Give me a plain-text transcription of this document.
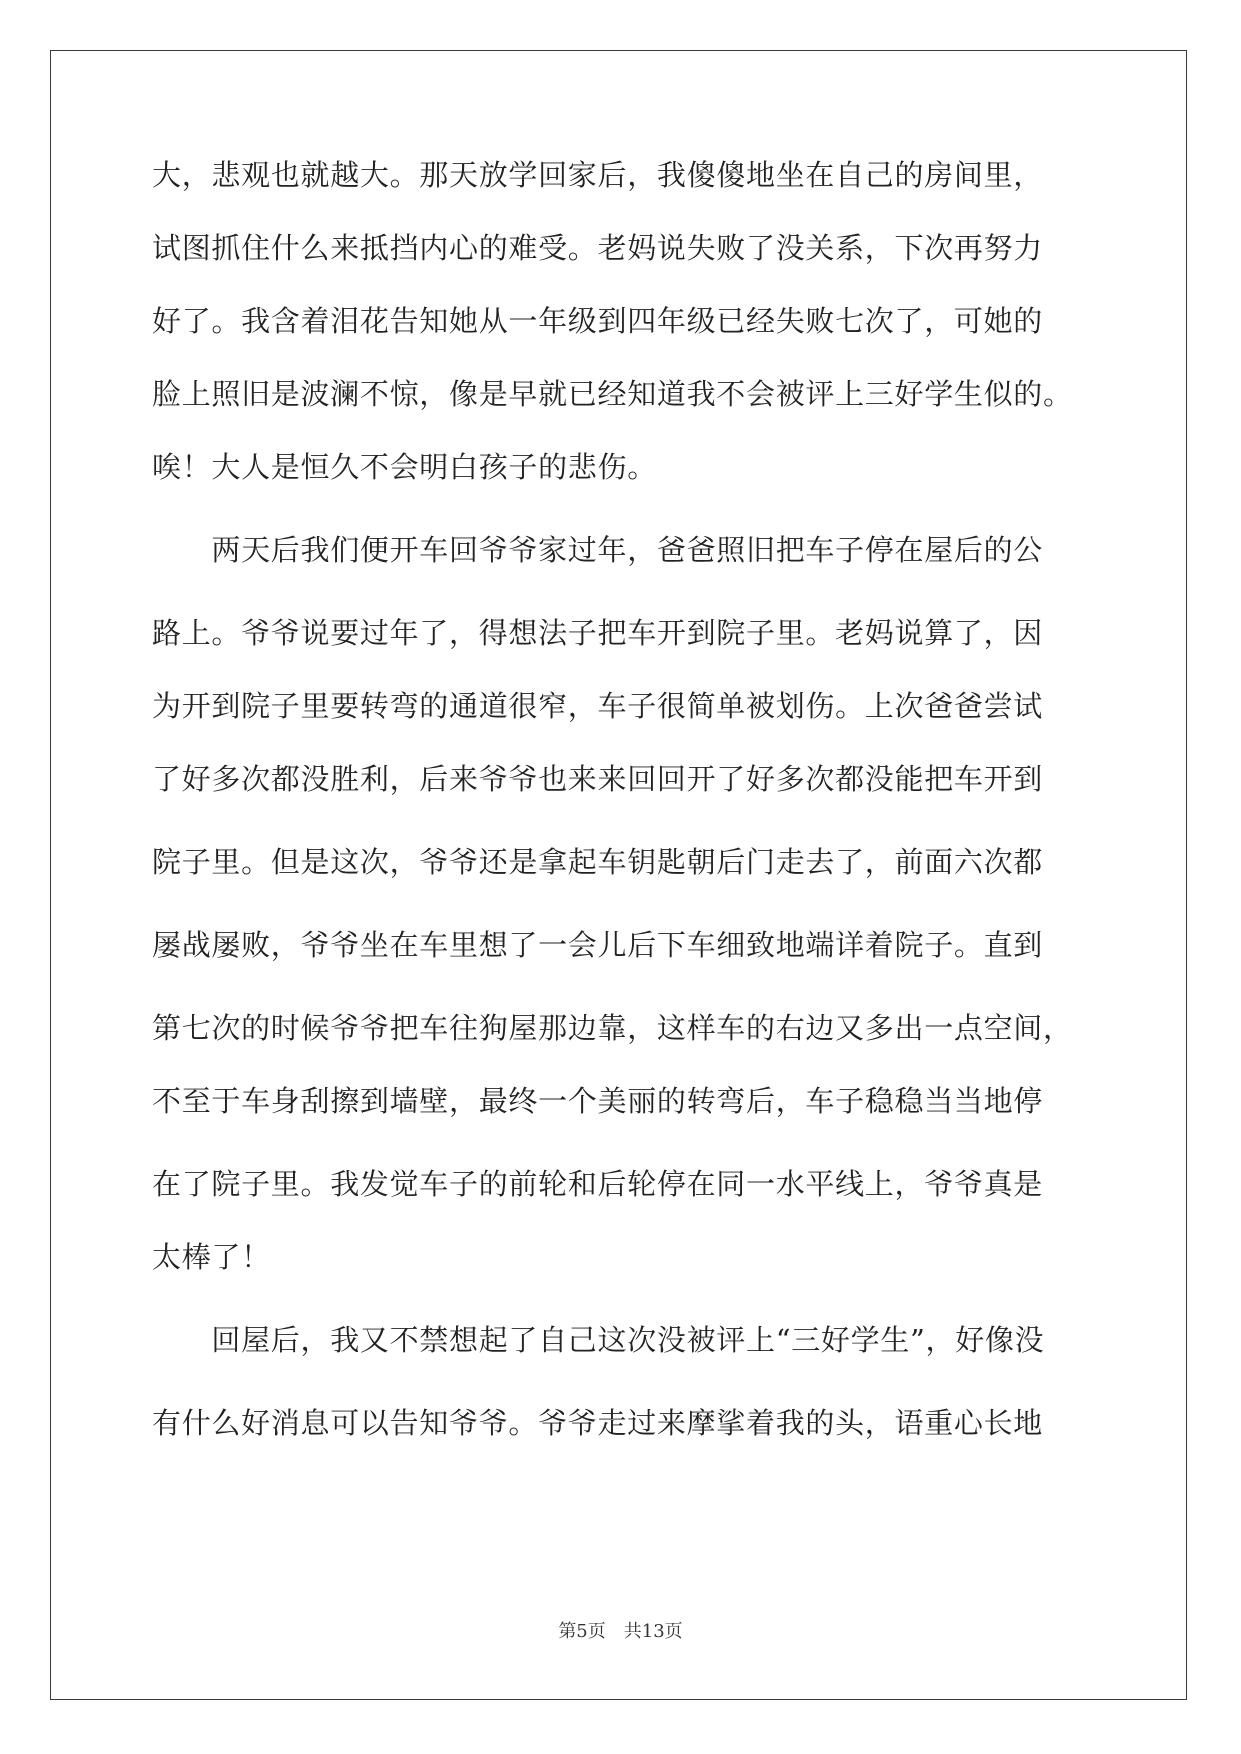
大，悲观也就越大。那天放学回家后，我傻傻地坐在自己的房间里，
试图抓住什么来抵挡内心的难受。老妈说失败了没关系，下次再努力
好了。我含着泪花告知她从一年级到四年级已经失败七次了，可她的
脸上照旧是波澜不惊，像是早就已经知道我不会被评上三好学生似的。
唉！大人是恒久不会明白孩子的悲伤。
　　两天后我们便开车回爷爷家过年，爸爸照旧把车子停在屋后的公
路上。爷爷说要过年了，得想法子把车开到院子里。老妈说算了，因
为开到院子里要转弯的通道很窄，车子很简单被划伤。上次爸爸尝试
了好多次都没胜利，后来爷爷也来来回回开了好多次都没能把车开到
院子里。但是这次，爷爷还是拿起车钥匙朝后门走去了，前面六次都
屡战屡败，爷爷坐在车里想了一会儿后下车细致地端详着院子。直到
第七次的时候爷爷把车往狗屋那边靠，这样车的右边又多出一点空间，
不至于车身刮擦到墙壁，最终一个美丽的转弯后，车子稳稳当当地停
在了院子里。我发觉车子的前轮和后轮停在同一水平线上，爷爷真是
太棒了！
　　回屋后，我又不禁想起了自己这次没被评上“三好学生”，好像没
有什么好消息可以告知爷爷。爷爷走过来摩挲着我的头，语重心长地
第5页　 共13页
